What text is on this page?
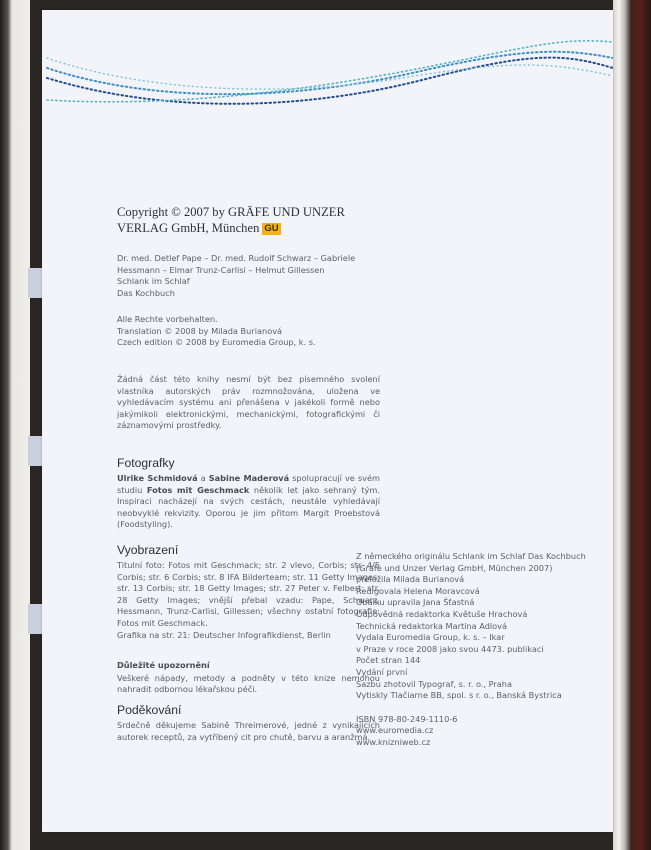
Copyright © 2007 by GRÄFE UND UNZER
VERLAG GmbH, München GU

Dr. med. Detlef Pape – Dr. med. Rudolf Schwarz – Gabriele

Hessmann – Elmar Trunz-Carlisi – Helmut Gillessen

Schlank im Schlaf

Das Kochbuch

Alle Rechte vorbehalten.

Translation © 2008 by Milada Burianová

Czech edition © 2008 by Euromedia Group, k. s.

Žádná část této knihy nesmí být bez písemného svolení vlastníka autorských práv rozmnožována, uložena ve vyhledávacím systému ani přenášena v jakékoli formě nebo jakýmikoli elektronickými, mechanickými, fotografickými či záznamovými prostředky.

Fotografky

Ulrike Schmidová a Sabine Maderová spolupracují ve svém studiu Fotos mit Geschmack několik let jako sehraný tým. Inspiraci nacházejí na svých cestách, neustále vyhledávají neobvyklé rekvizity. Oporou je jim přitom Margit Proebstová (Foodstyling).

Vyobrazení

Titulní foto: Fotos mit Geschmack; str. 2 vlevo, Corbis; str. 4/5 Corbis; str. 6 Corbis; str. 8 IFA Bilderteam; str. 11 Getty Images; str. 13 Corbis; str. 18 Getty Images; str. 27 Peter v. Felbert; str. 28 Getty Images; vnější přebal vzadu: Pape, Schwarz, Hessmann, Trunz-Carlisi, Gillessen; všechny ostatní fotografie: Fotos mit Geschmack.

Grafika na str. 21: Deutscher Infografikdienst, Berlin

Důležité upozornění

Veškeré nápady, metody a podněty v této knize nemohou nahradit odbornou lékařskou péči.

Poděkování

Srdečně děkujeme Sabině Threimerové, jedné z vynikajících autorek receptů, za vytříbený cit pro chutě, barvu a aranžmá.

Z německého originálu Schlank im Schlaf Das Kochbuch

(Gräfe und Unzer Verlag GmbH, München 2007)

přeložila Milada Burianová

Redigovala Helena Moravcová

Obálku upravila Jana Šťastná

Odpovědná redaktorka Květuše Hrachová

Technická redaktorka Martina Adlová

Vydala Euromedia Group, k. s. – Ikar

v Praze v roce 2008 jako svou 4473. publikaci

Počet stran 144

Vydání první

Sazbu zhotovil Typograf, s. r. o., Praha

Vytiskly Tlačiarne BB, spol. s r. o., Banská Bystrica

ISBN 978-80-249-1110-6

www.euromedia.cz

www.knizniweb.cz
